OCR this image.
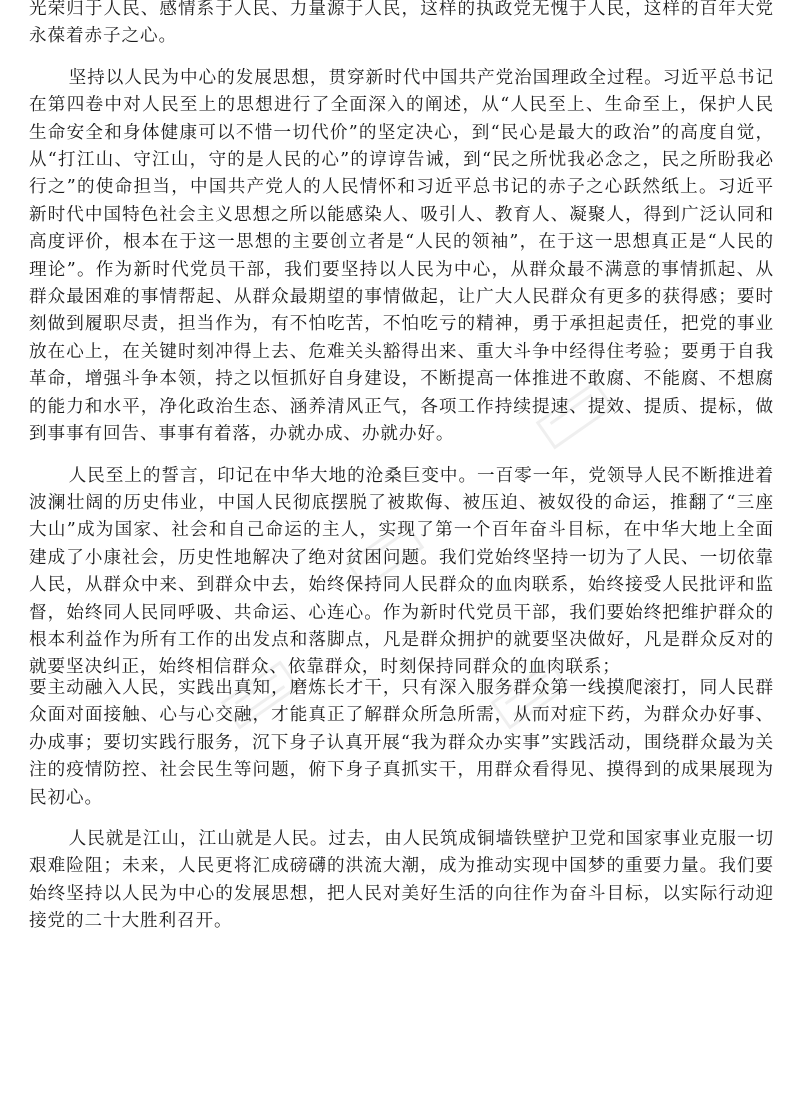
光荣归于人民、感情系于人民、力量源于人民，这样的执政党无愧于人民，这样的百年大党永葆着赤子之心。

坚持以人民为中心的发展思想，贯穿新时代中国共产党治国理政全过程。习近平总书记在第四卷中对人民至上的思想进行了全面深入的阐述，从“人民至上、生命至上，保护人民生命安全和身体健康可以不惜一切代价”的坚定决心，到“民心是最大的政治”的高度自觉，从“打江山、守江山，守的是人民的心”的谆谆告诫，到“民之所忧我必念之，民之所盼我必行之”的使命担当，中国共产党人的人民情怀和习近平总书记的赤子之心跃然纸上。习近平新时代中国特色社会主义思想之所以能感染人、吸引人、教育人、凝聚人，得到广泛认同和高度评价，根本在于这一思想的主要创立者是“人民的领袖”，在于这一思想真正是“人民的理论”。作为新时代党员干部，我们要坚持以人民为中心，从群众最不满意的事情抓起、从群众最困难的事情帮起、从群众最期望的事情做起，让广大人民群众有更多的获得感；要时刻做到履职尽责，担当作为，有不怕吃苦，不怕吃亏的精神，勇于承担起责任，把党的事业放在心上，在关键时刻冲得上去、危难关头豁得出来、重大斗争中经得住考验；要勇于自我革命，增强斗争本领，持之以恒抓好自身建设，不断提高一体推进不敢腐、不能腐、不想腐的能力和水平，净化政治生态、涵养清风正气，各项工作持续提速、提效、提质、提标，做到事事有回告、事事有着落，办就办成、办就办好。

人民至上的誓言，印记在中华大地的沧桑巨变中。一百零一年，党领导人民不断推进着波澜壮阔的历史伟业，中国人民彻底摆脱了被欺侮、被压迫、被奴役的命运，推翻了“三座大山”成为国家、社会和自己命运的主人，实现了第一个百年奋斗目标，在中华大地上全面建成了小康社会，历史性地解决了绝对贫困问题。我们党始终坚持一切为了人民、一切依靠人民，从群众中来、到群众中去，始终保持同人民群众的血肉联系，始终接受人民批评和监督，始终同人民同呼吸、共命运、心连心。作为新时代党员干部，我们要始终把维护群众的根本利益作为所有工作的出发点和落脚点，凡是群众拥护的就要坚决做好，凡是群众反对的就要坚决纠正，始终相信群众、依靠群众，时刻保持同群众的血肉联系；

要主动融入人民，实践出真知，磨炼长才干，只有深入服务群众第一线摸爬滚打，同人民群众面对面接触、心与心交融，才能真正了解群众所急所需，从而对症下药，为群众办好事、办成事；要切实践行服务，沉下身子认真开展“我为群众办实事”实践活动，围绕群众最为关注的疫情防控、社会民生等问题，俯下身子真抓实干，用群众看得见、摸得到的成果展现为民初心。

人民就是江山，江山就是人民。过去，由人民筑成铜墙铁壁护卫党和国家事业克服一切艰难险阻；未来，人民更将汇成磅礴的洪流大潮，成为推动实现中国梦的重要力量。我们要始终坚持以人民为中心的发展思想，把人民对美好生活的向往作为奋斗目标，以实际行动迎接党的二十大胜利召开。
